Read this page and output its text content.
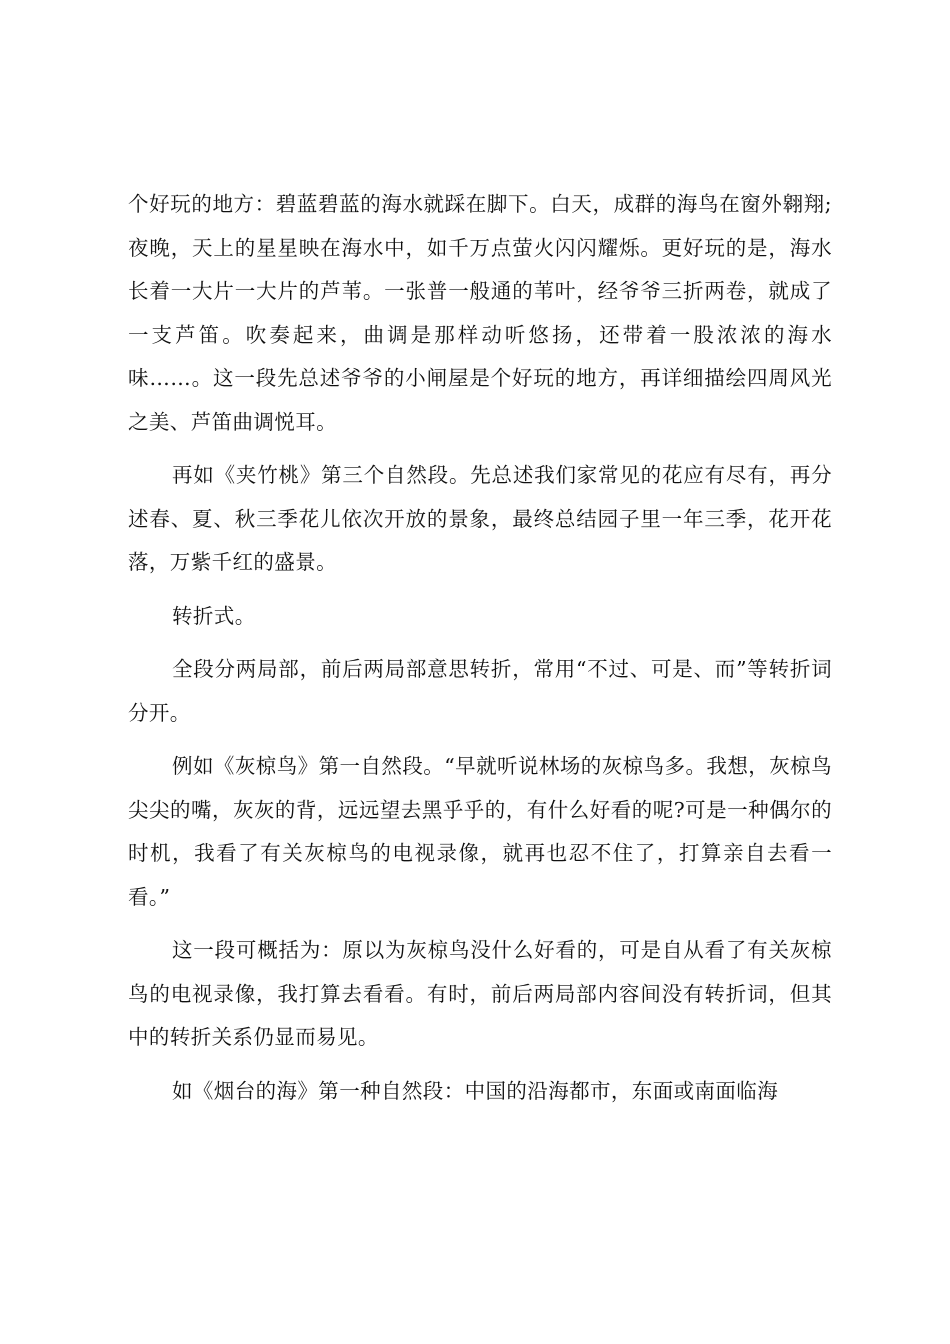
个好玩的地方：碧蓝碧蓝的海水就踩在脚下。白天，成群的海鸟在窗外翱翔;夜晚，天上的星星映在海水中，如千万点萤火闪闪耀烁。更好玩的是，海水长着一大片一大片的芦苇。一张普一般通的苇叶，经爷爷三折两卷，就成了一支芦笛。吹奏起来，曲调是那样动听悠扬，还带着一股浓浓的海水味……。这一段先总述爷爷的小闸屋是个好玩的地方，再详细描绘四周风光之美、芦笛曲调悦耳。

再如《夹竹桃》第三个自然段。先总述我们家常见的花应有尽有，再分述春、夏、秋三季花儿依次开放的景象，最终总结园子里一年三季，花开花落，万紫千红的盛景。

转折式。

全段分两局部，前后两局部意思转折，常用“不过、可是、而”等转折词分开。

例如《灰椋鸟》第一自然段。“早就听说林场的灰椋鸟多。我想，灰椋鸟尖尖的嘴，灰灰的背，远远望去黑乎乎的，有什么好看的呢?可是一种偶尔的时机，我看了有关灰椋鸟的电视录像，就再也忍不住了，打算亲自去看一看。”

这一段可概括为：原以为灰椋鸟没什么好看的，可是自从看了有关灰椋鸟的电视录像，我打算去看看。有时，前后两局部内容间没有转折词，但其中的转折关系仍显而易见。

如《烟台的海》第一种自然段：中国的沿海都市，东面或南面临海
